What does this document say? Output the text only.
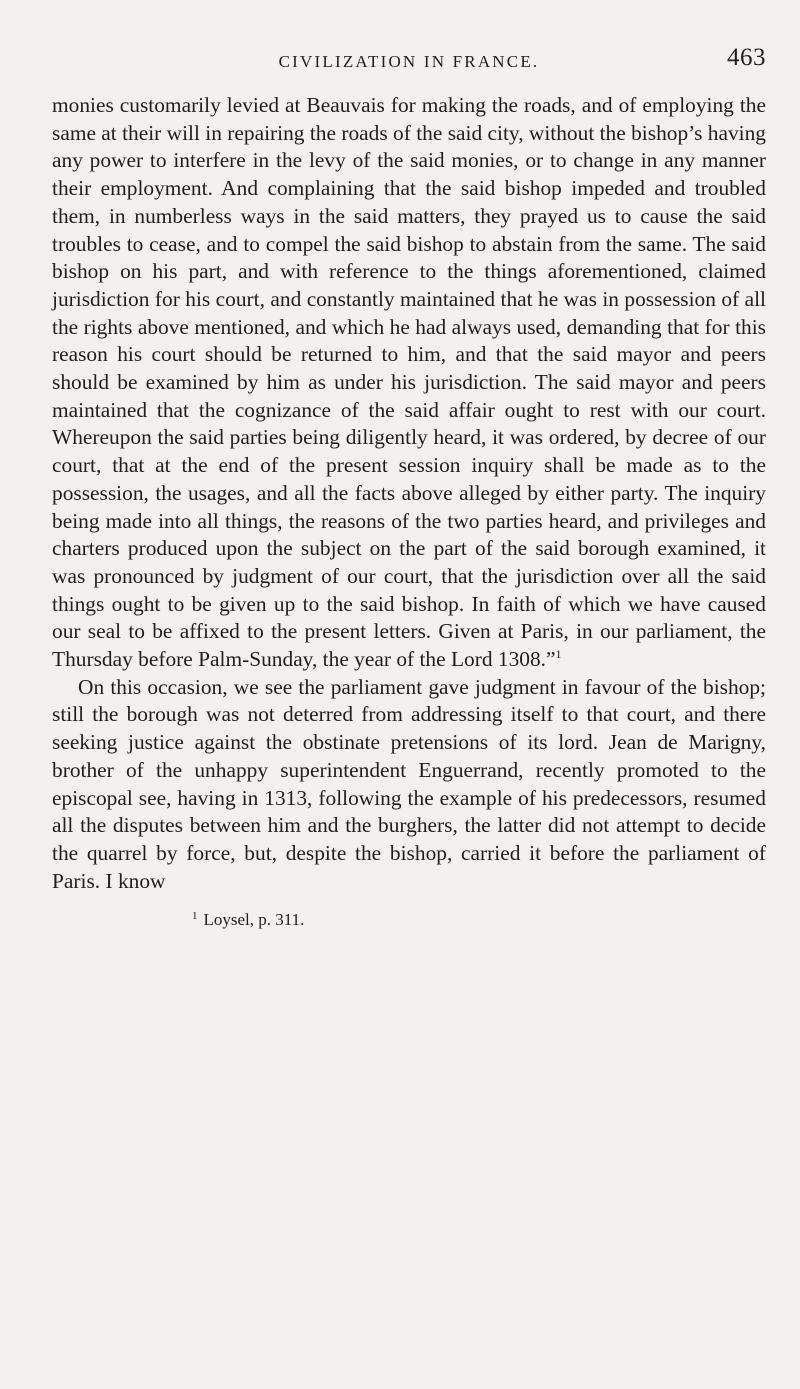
CIVILIZATION IN FRANCE.	463

monies customarily levied at Beauvais for making the roads, and of employing the same at their will in repairing the roads of the said city, without the bishop’s having any power to interfere in the levy of the said monies, or to change in any manner their employment. And complaining that the said bishop impeded and troubled them, in numberless ways in the said matters, they prayed us to cause the said troubles to cease, and to compel the said bishop to abstain from the same. The said bishop on his part, and with reference to the things aforementioned, claimed jurisdiction for his court, and constantly maintained that he was in possession of all the rights above mentioned, and which he had always used, demanding that for this reason his court should be returned to him, and that the said mayor and peers should be examined by him as under his jurisdiction. The said mayor and peers maintained that the cognizance of the said affair ought to rest with our court. Whereupon the said parties being diligently heard, it was ordered, by decree of our court, that at the end of the present session inquiry shall be made as to the possession, the usages, and all the facts above alleged by either party. The inquiry being made into all things, the reasons of the two parties heard, and privileges and charters produced upon the subject on the part of the said borough examined, it was pronounced by judgment of our court, that the jurisdiction over all the said things ought to be given up to the said bishop. In faith of which we have caused our seal to be affixed to the present letters. Given at Paris, in our parliament, the Thursday before Palm-Sunday, the year of the Lord 1308.”$^1$

On this occasion, we see the parliament gave judgment in favour of the bishop; still the borough was not deterred from addressing itself to that court, and there seeking justice against the obstinate pretensions of its lord. Jean de Marigny, brother of the unhappy superintendent Enguerrand, recently promoted to the episcopal see, having in 1313, following the example of his predecessors, resumed all the disputes between him and the burghers, the latter did not attempt to decide the quarrel by force, but, despite the bishop, carried it before the parliament of Paris. I know

$^1$ Loysel, p. 311.
